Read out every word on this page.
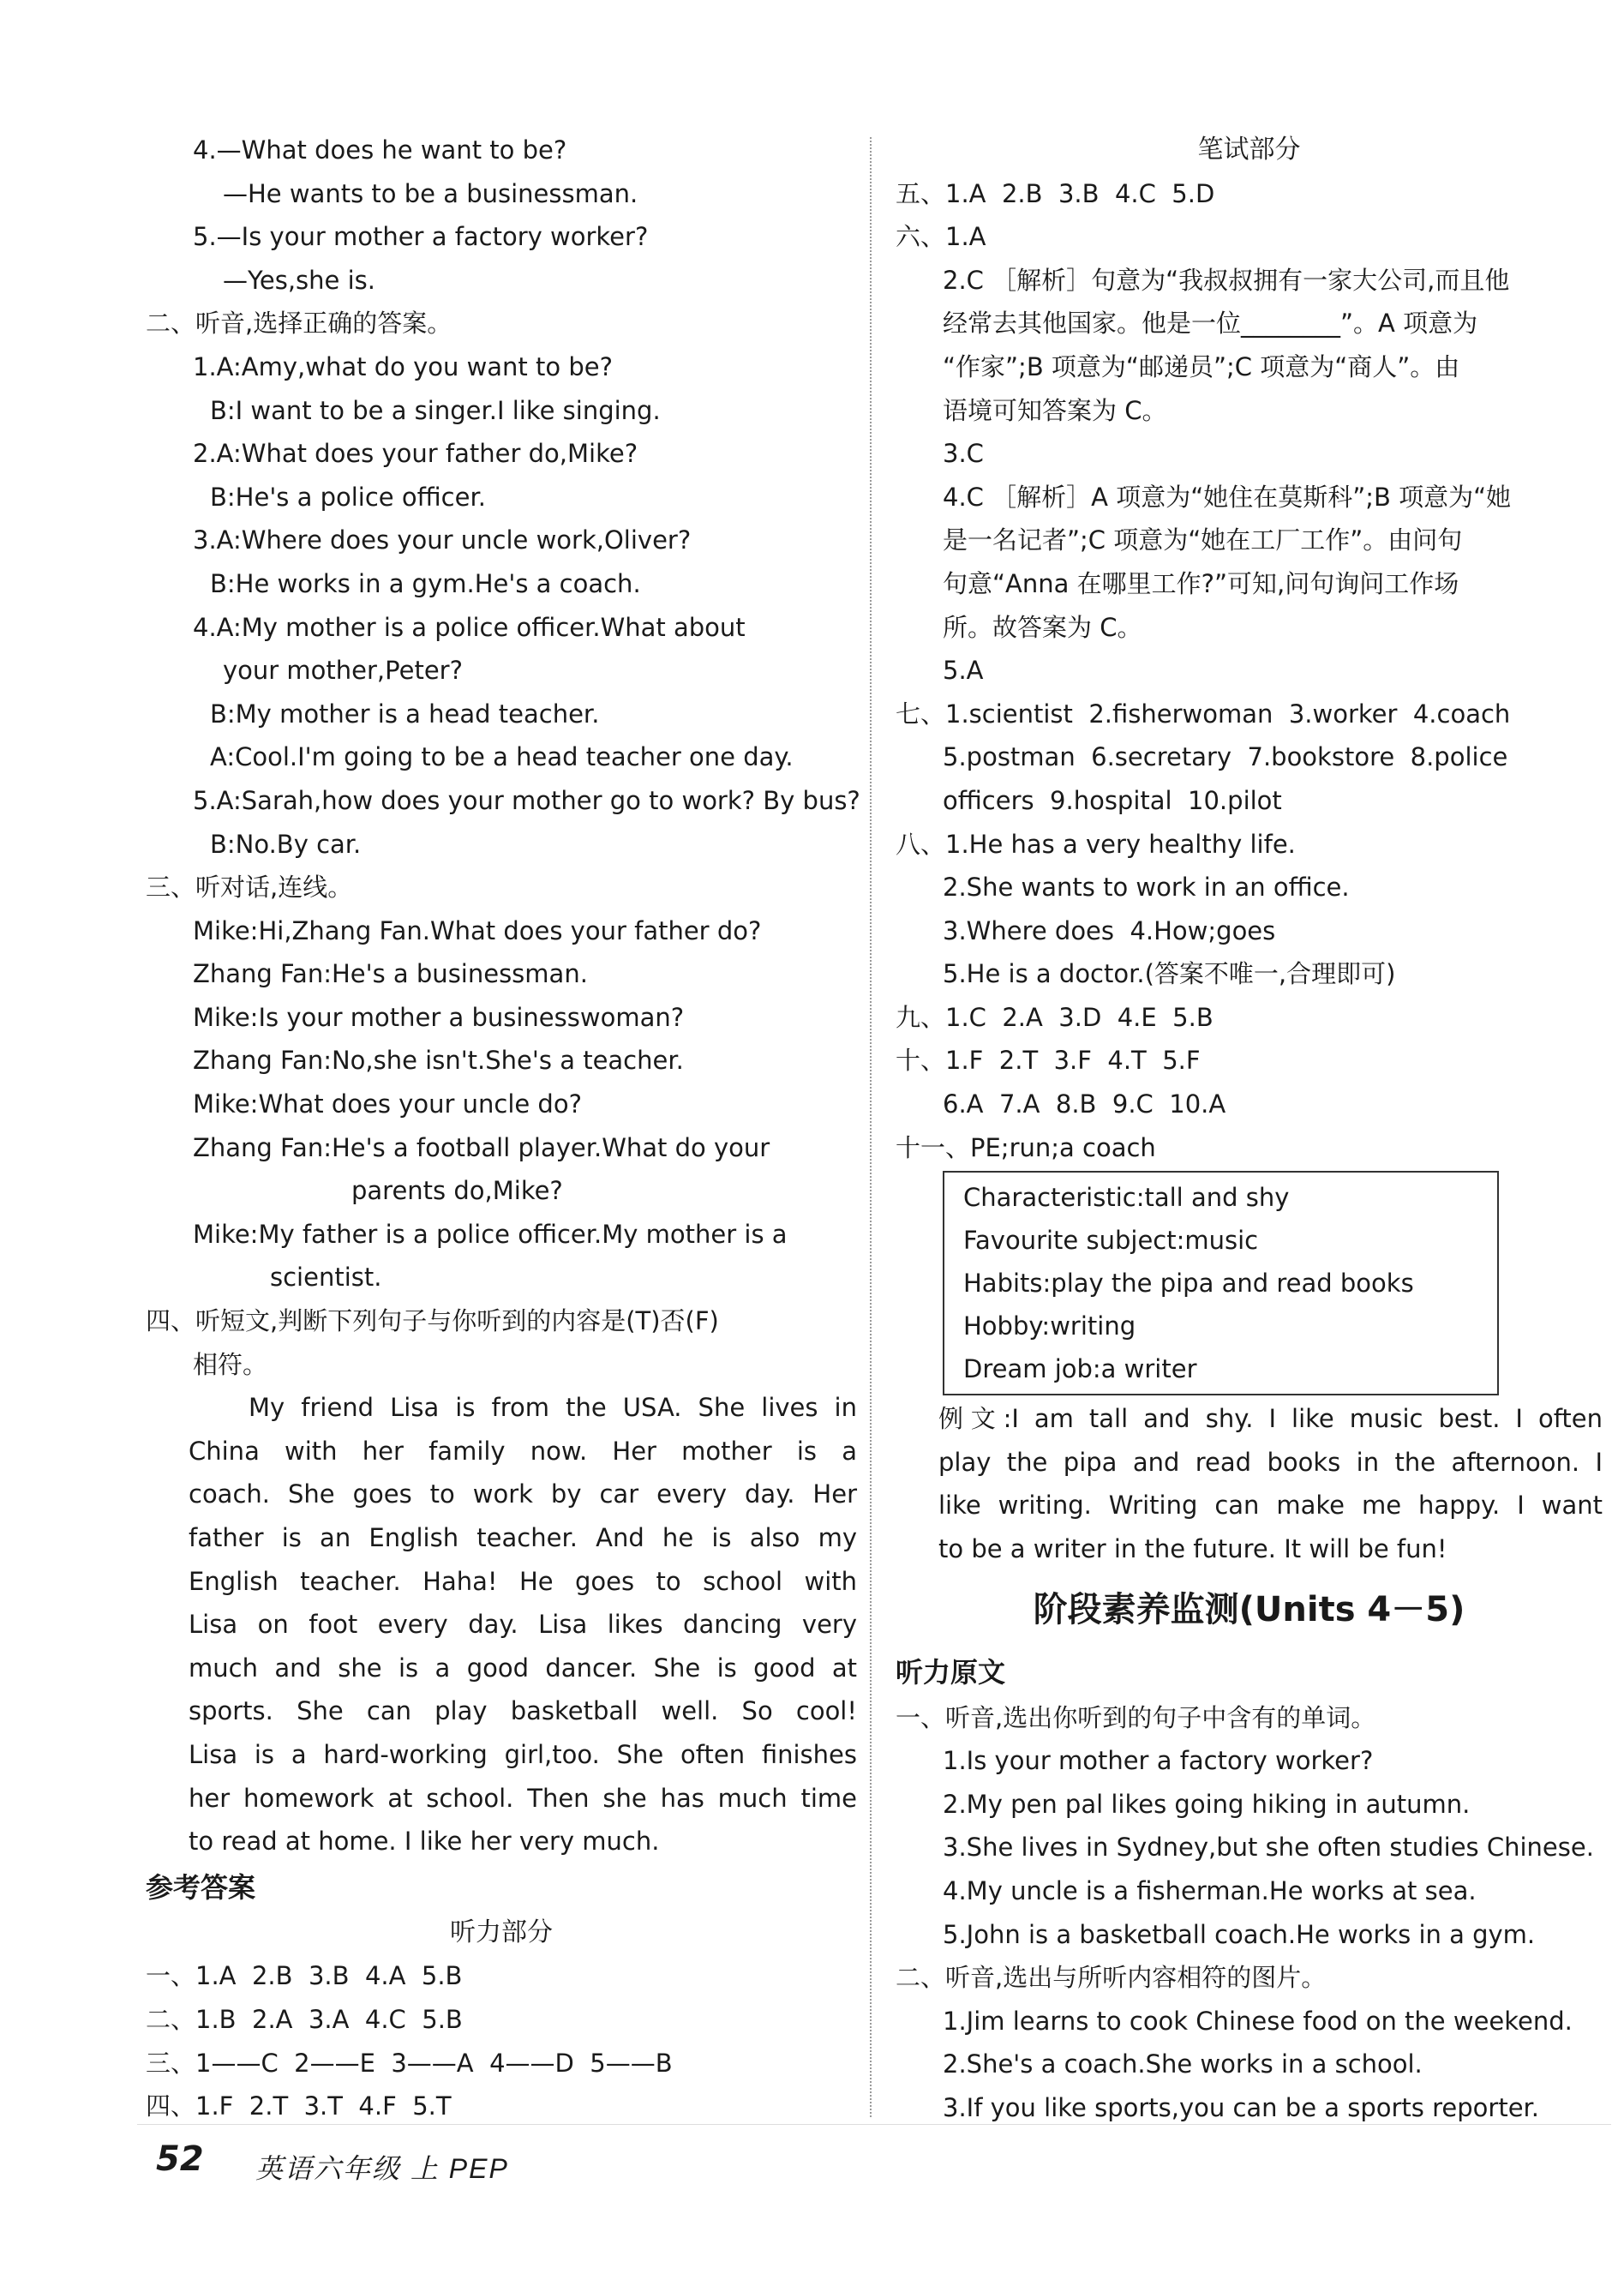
4.—What does he want to be?
—He wants to be a businessman.
5.—Is your mother a factory worker?
—Yes,she is.
二、听音,选择正确的答案。
1.A:Amy,what do you want to be?
B:I want to be a singer.I like singing.
2.A:What does your father do,Mike?
B:He's a police officer.
3.A:Where does your uncle work,Oliver?
B:He works in a gym.He's a coach.
4.A:My mother is a police officer.What about
your mother,Peter?
B:My mother is a head teacher.
A:Cool.I'm going to be a head teacher one day.
5.A:Sarah,how does your mother go to work? By bus?
B:No.By car.
三、听对话,连线。
Mike:Hi,Zhang Fan.What does your father do?
Zhang Fan:He's a businessman.
Mike:Is your mother a businesswoman?
Zhang Fan:No,she isn't.She's a teacher.
Mike:What does your uncle do?
Zhang Fan:He's a football player.What do your
parents do,Mike?
Mike:My father is a police officer.My mother is a
scientist.
四、听短文,判断下列句子与你听到的内容是(T)否(F)
相符。
My friend Lisa is from the USA. She lives in
China with her family now. Her mother is a
coach. She goes to work by car every day. Her
father is an English teacher. And he is also my
English teacher. Haha! He goes to school with
Lisa on foot every day. Lisa likes dancing very
much and she is a good dancer. She is good at
sports. She can play basketball well. So cool!
Lisa is a hard-working girl,too. She often finishes
her homework at school. Then she has much time
to read at home. I like her very much.
参考答案
听力部分
一、1.A  2.B  3.B  4.A  5.B
二、1.B  2.A  3.A  4.C  5.B
三、1——C  2——E  3——A  4——D  5——B
四、1.F  2.T  3.T  4.F  5.T
笔试部分
五、1.A  2.B  3.B  4.C  5.D
六、1.A
2.C ［解析］句意为“我叔叔拥有一家大公司,而且他
经常去其他国家。他是一位________”。A 项意为
“作家”;B 项意为“邮递员”;C 项意为“商人”。由
语境可知答案为 C。
3.C
4.C ［解析］A 项意为“她住在莫斯科”;B 项意为“她
是一名记者”;C 项意为“她在工厂工作”。由问句
句意“Anna 在哪里工作?”可知,问句询问工作场
所。故答案为 C。
5.A
七、1.scientist  2.fisherwoman  3.worker  4.coach
5.postman  6.secretary  7.bookstore  8.police
officers  9.hospital  10.pilot
八、1.He has a very healthy life.
2.She wants to work in an office.
3.Where does  4.How;goes
5.He is a doctor.(答案不唯一,合理即可)
九、1.C  2.A  3.D  4.E  5.B
十、1.F  2.T  3.F  4.T  5.F
6.A  7.A  8.B  9.C  10.A
十一、PE;run;a coach
Characteristic:tall and shy
Favourite subject:music
Habits:play the pipa and read books
Hobby:writing
Dream job:a writer
例文:I am tall and shy. I like music best. I often
play the pipa and read books in the afternoon. I
like writing. Writing can make me happy. I want
to be a writer in the future. It will be fun!
阶段素养监测(Units 4－5)
听力原文
一、听音,选出你听到的句子中含有的单词。
1.Is your mother a factory worker?
2.My pen pal likes going hiking in autumn.
3.She lives in Sydney,but she often studies Chinese.
4.My uncle is a fisherman.He works at sea.
5.John is a basketball coach.He works in a gym.
二、听音,选出与所听内容相符的图片。
1.Jim learns to cook Chinese food on the weekend.
2.She's a coach.She works in a school.
3.If you like sports,you can be a sports reporter.
52 英语六年级 上 PEP
